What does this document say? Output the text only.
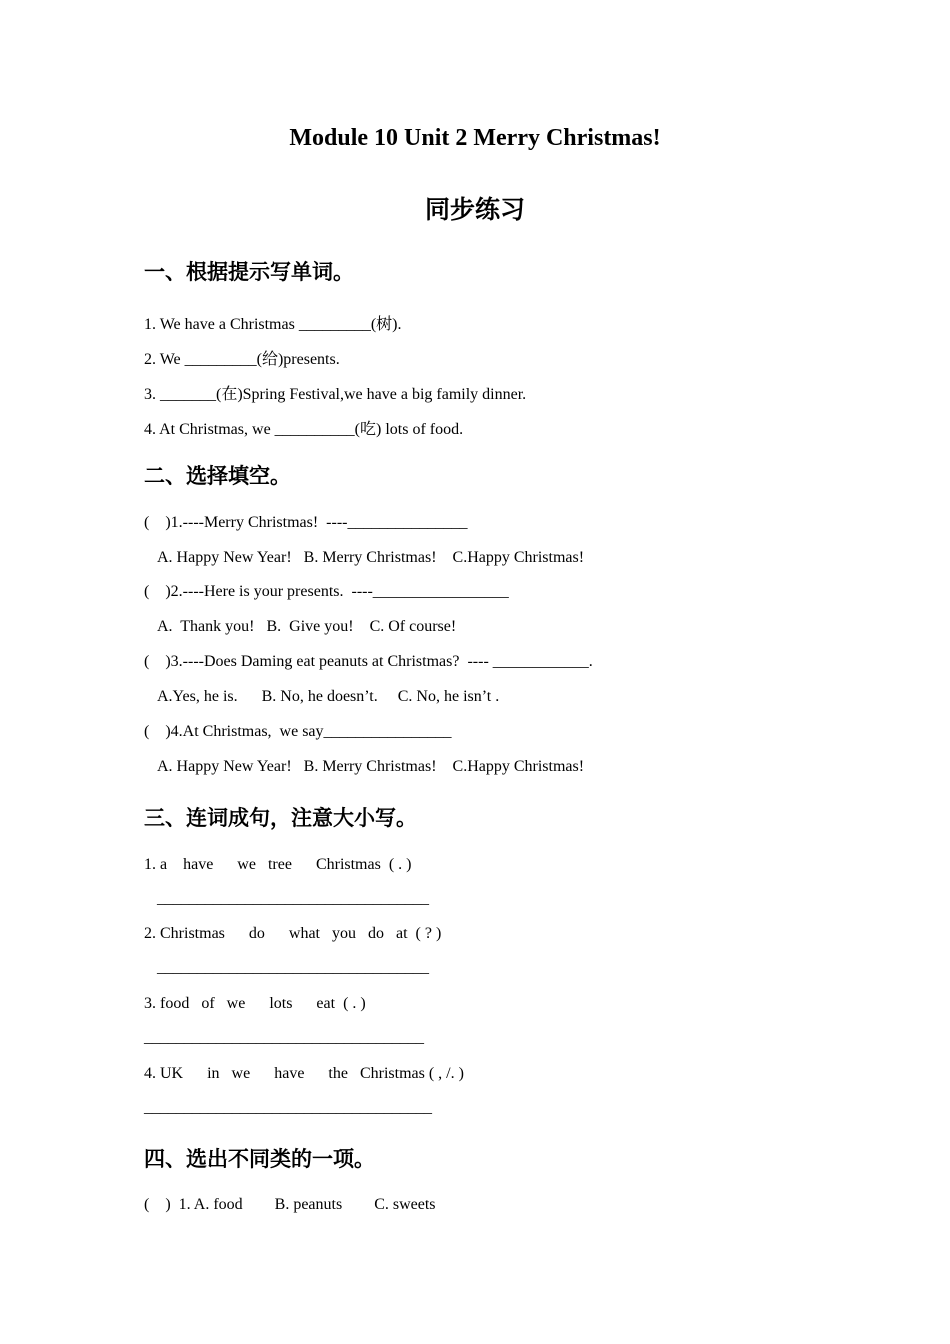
Module 10 Unit 2 Merry Christmas!
同步练习
一、根据提示写单词。
1. We have a Christmas _________(树).
2. We _________(给)presents.
3. _______(在)Spring Festival,we have a big family dinner.
4. At Christmas, we __________(吃) lots of food.
二、选择填空。
(    )1.----Merry Christmas!  ----_______________
A. Happy New Year!   B. Merry Christmas!    C.Happy Christmas!
(    )2.----Here is your presents.  ----_________________
A.  Thank you!   B.  Give you!    C. Of course!
(    )3.----Does Daming eat peanuts at Christmas?  ---- ____________.
A.Yes, he is.      B. No, he doesn’t.     C. No, he isn’t .
(    )4.At Christmas,  we say________________
A. Happy New Year!   B. Merry Christmas!    C.Happy Christmas!
三、连词成句，注意大小写。
1. a    have      we   tree      Christmas  ( . )
__________________________________
2. Christmas      do      what   you   do   at  ( ? )
__________________________________
3. food   of   we      lots      eat  ( . )
___________________________________
4. UK      in   we      have      the   Christmas ( , /. )
____________________________________
四、选出不同类的一项。
(    )  1. A. food        B. peanuts        C. sweets
